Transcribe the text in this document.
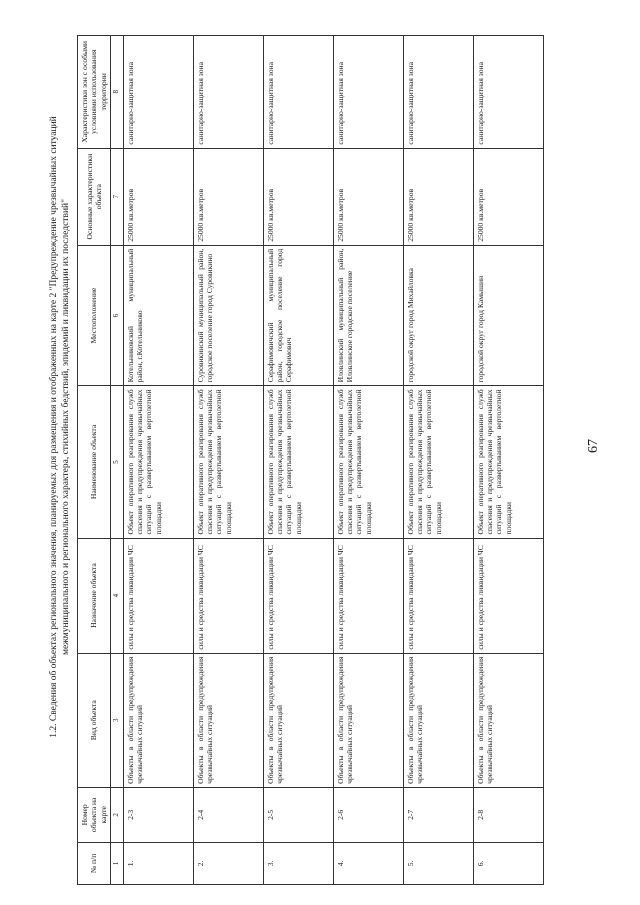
67
1.2. Сведения об объектах регионального значения, планируемых для размещения и отображенных на карте 2 "Предупреждение чрезвычайных ситуаций межмуниципального и регионального характера, стихийных бедствий, эпидемий и ликвидации их последствий"
№ п/п	Номер объекта на карте	Вид объекта	Назначение объекта	Наименование объекта	Местоположение	Основные характеристики объекта	Характеристики зон с особыми условиями использования территории
1	2	3	4	5	6	7	8
1.	2-3	Объекты в области предупреждения чрезвычайных ситуаций	силы и средства ликвидации ЧС	Объект оперативного реагирования служб спасения и предупреждения чрезвычайных ситуаций с развертыванием вертолетной площадки	Котельниковский муниципальный район, г.Котельниково	25000 кв.метров	санитарно-защитная зона
2.	2-4	Объекты в области предупреждения чрезвычайных ситуаций	силы и средства ликвидации ЧС	Объект оперативного реагирования служб спасения и предупреждения чрезвычайных ситуаций с развертыванием вертолетной площадки	Суровикинский муниципальный район, городское поселение город Суровикино	25000 кв.метров	санитарно-защитная зона
3.	2-5	Объекты в области предупреждения чрезвычайных ситуаций	силы и средства ликвидации ЧС	Объект оперативного реагирования служб спасения и предупреждения чрезвычайных ситуаций с развертыванием вертолетной площадки	Серафимовичский муниципальный район, городское поселение город Серафимович	25000 кв.метров	санитарно-защитная зона
4.	2-6	Объекты в области предупреждения чрезвычайных ситуаций	силы и средства ликвидации ЧС	Объект оперативного реагирования служб спасения и предупреждения чрезвычайных ситуаций с развертыванием вертолетной площадки	Иловлинский муниципальный район, Иловлинское городское поселение	25000 кв.метров	санитарно-защитная зона
5.	2-7	Объекты в области предупреждения чрезвычайных ситуаций	силы и средства ликвидации ЧС	Объект оперативного реагирования служб спасения и предупреждения чрезвычайных ситуаций с развертыванием вертолетной площадки	городской округ город Михайловка	25000 кв.метров	санитарно-защитная зона
6.	2-8	Объекты в области предупреждения чрезвычайных ситуаций	силы и средства ликвидации ЧС	Объект оперативного реагирования служб спасения и предупреждения чрезвычайных ситуаций с развертыванием вертолетной площадки	городской округ город Камышин	25000 кв.метров	санитарно-защитная зона
